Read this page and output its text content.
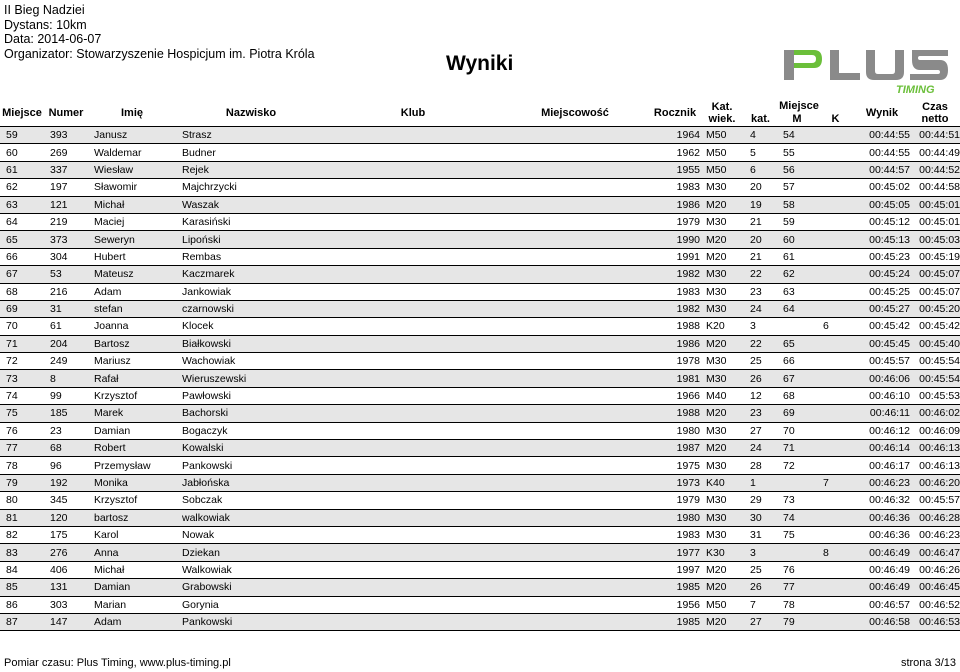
II Bieg Nadziei
Dystans: 10km
Data: 2014-06-07
Organizator: Stowarzyszenie Hospicjum im. Piotra Króla	Wyniki
TIMING
Miejsce	Numer	Imię	Nazwisko	Klub	Miejscowość	Rocznik	Kat.
wiek.	Miejsce			Wynik	Czas netto
								kat.	M	K		
59	393	Janusz	Strasz			1964	M50	4	54		00:44:55	00:44:51
60	269	Waldemar	Budner			1962	M50	5	55		00:44:55	00:44:49
61	337	Wiesław	Rejek			1955	M50	6	56		00:44:57	00:44:52
62	197	Sławomir	Majchrzycki			1983	M30	20	57		00:45:02	00:44:58
63	121	Michał	Waszak			1986	M20	19	58		00:45:05	00:45:01
64	219	Maciej	Karasiński			1979	M30	21	59		00:45:12	00:45:01
65	373	Seweryn	Lipoński			1990	M20	20	60		00:45:13	00:45:03
66	304	Hubert	Rembas			1991	M20	21	61		00:45:23	00:45:19
67	53	Mateusz	Kaczmarek			1982	M30	22	62		00:45:24	00:45:07
68	216	Adam	Jankowiak			1983	M30	23	63		00:45:25	00:45:07
69	31	stefan	czarnowski			1982	M30	24	64		00:45:27	00:45:20
70	61	Joanna	Klocek			1988	K20	3		6	00:45:42	00:45:42
71	204	Bartosz	Białkowski			1986	M20	22	65		00:45:45	00:45:40
72	249	Mariusz	Wachowiak			1978	M30	25	66		00:45:57	00:45:54
73	8	Rafał	Wieruszewski			1981	M30	26	67		00:46:06	00:45:54
74	99	Krzysztof	Pawłowski			1966	M40	12	68		00:46:10	00:45:53
75	185	Marek	Bachorski			1988	M20	23	69		00:46:11	00:46:02
76	23	Damian	Bogaczyk			1980	M30	27	70		00:46:12	00:46:09
77	68	Robert	Kowalski			1987	M20	24	71		00:46:14	00:46:13
78	96	Przemysław	Pankowski			1975	M30	28	72		00:46:17	00:46:13
79	192	Monika	Jabłońska			1973	K40	1		7	00:46:23	00:46:20
80	345	Krzysztof	Sobczak			1979	M30	29	73		00:46:32	00:45:57
81	120	bartosz	walkowiak			1980	M30	30	74		00:46:36	00:46:28
82	175	Karol	Nowak			1983	M30	31	75		00:46:36	00:46:23
83	276	Anna	Dziekan			1977	K30	3		8	00:46:49	00:46:47
84	406	Michał	Walkowiak			1997	M20	25	76		00:46:49	00:46:26
85	131	Damian	Grabowski			1985	M20	26	77		00:46:49	00:46:45
86	303	Marian	Gorynia			1956	M50	7	78		00:46:57	00:46:52
87	147	Adam	Pankowski			1985	M20	27	79		00:46:58	00:46:53
Pomiar czasu: Plus Timing, www.plus-timing.pl	strona 3/13
